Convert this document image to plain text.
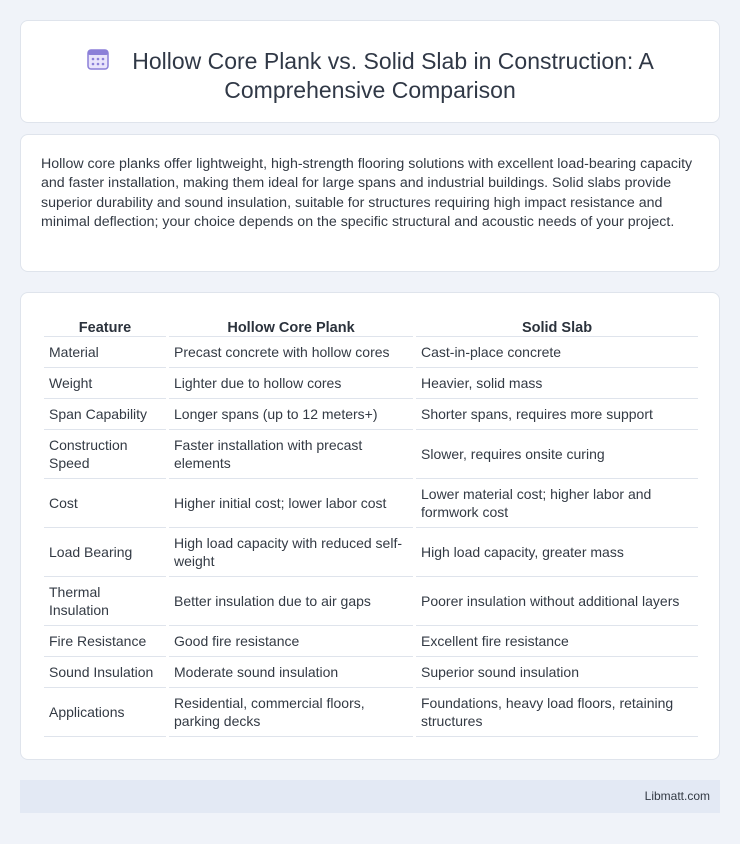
Hollow Core Plank vs. Solid Slab in Construction: A Comprehensive Comparison

Hollow core planks offer lightweight, high-strength flooring solutions with excellent load-bearing capacity and faster installation, making them ideal for large spans and industrial buildings. Solid slabs provide superior durability and sound insulation, suitable for structures requiring high impact resistance and minimal deflection; your choice depends on the specific structural and acoustic needs of your project.

Feature	Hollow Core Plank	Solid Slab
Material	Precast concrete with hollow cores	Cast-in-place concrete
Weight	Lighter due to hollow cores	Heavier, solid mass
Span Capability	Longer spans (up to 12 meters+)	Shorter spans, requires more support
Construction Speed	Faster installation with precast elements	Slower, requires onsite curing
Cost	Higher initial cost; lower labor cost	Lower material cost; higher labor and formwork cost
Load Bearing	High load capacity with reduced self-weight	High load capacity, greater mass
Thermal Insulation	Better insulation due to air gaps	Poorer insulation without additional layers
Fire Resistance	Good fire resistance	Excellent fire resistance
Sound Insulation	Moderate sound insulation	Superior sound insulation
Applications	Residential, commercial floors, parking decks	Foundations, heavy load floors, retaining structures
Libmatt.com
